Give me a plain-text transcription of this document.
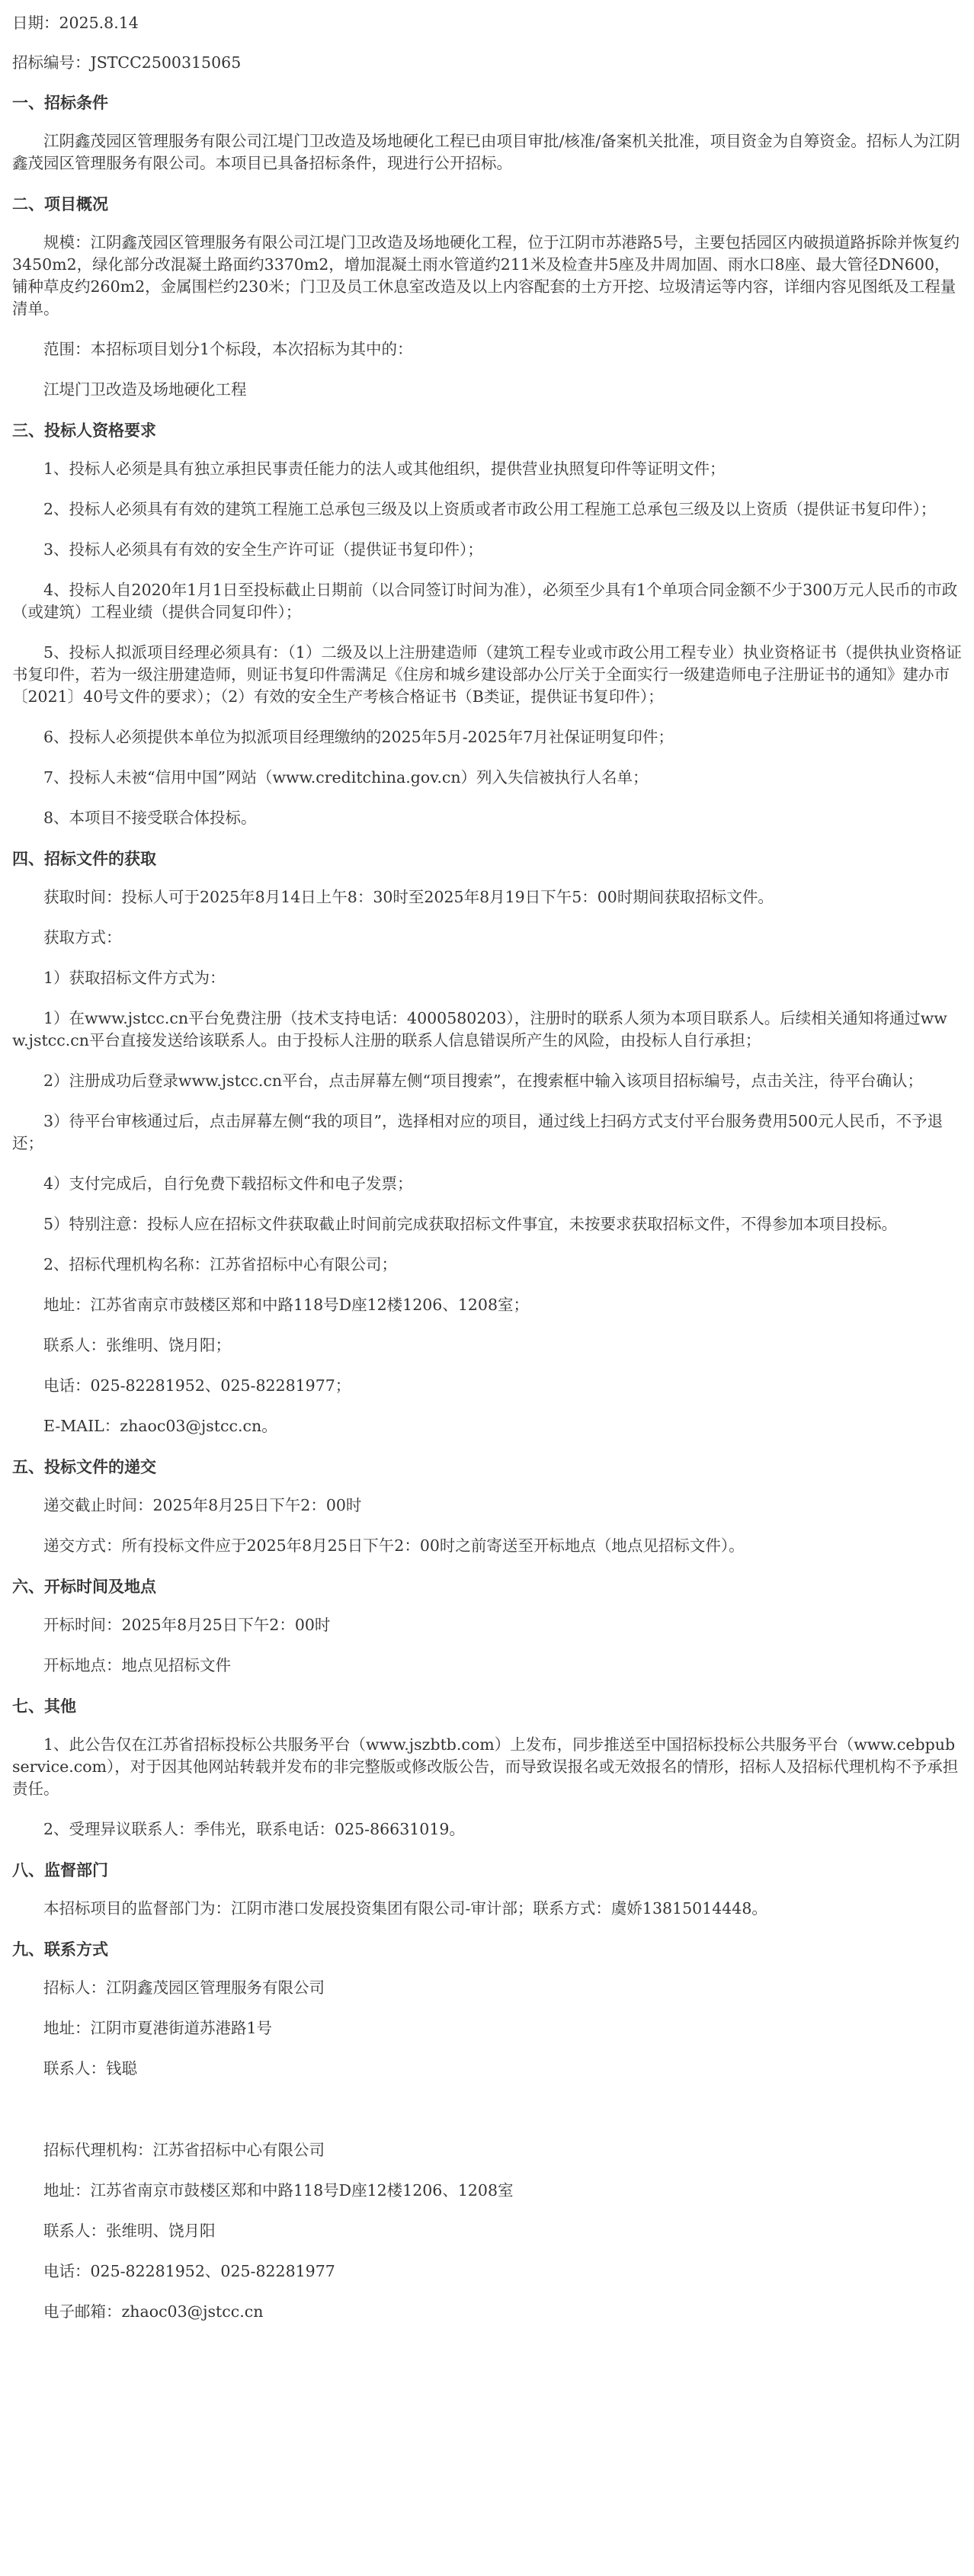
日期：2025.8.14

招标编号：JSTCC2500315065

一、招标条件

　　江阴鑫茂园区管理服务有限公司江堤门卫改造及场地硬化工程已由项目审批/核准/备案机关批准，项目资金为自筹资金。招标人为江阴鑫茂园区管理服务有限公司。本项目已具备招标条件，现进行公开招标。

二、项目概况

　　规模：江阴鑫茂园区管理服务有限公司江堤门卫改造及场地硬化工程，位于江阴市苏港路5号，主要包括园区内破损道路拆除并恢复约3450m2，绿化部分改混凝土路面约3370m2，增加混凝土雨水管道约211米及检查井5座及井周加固、雨水口8座、最大管径DN600，铺种草皮约260m2，金属围栏约230米；门卫及员工休息室改造及以上内容配套的土方开挖、垃圾清运等内容，详细内容见图纸及工程量清单。

　　范围：本招标项目划分1个标段，本次招标为其中的：

　　江堤门卫改造及场地硬化工程

三、投标人资格要求

　　1、投标人必须是具有独立承担民事责任能力的法人或其他组织，提供营业执照复印件等证明文件；

　　2、投标人必须具有有效的建筑工程施工总承包三级及以上资质或者市政公用工程施工总承包三级及以上资质（提供证书复印件）；

　　3、投标人必须具有有效的安全生产许可证（提供证书复印件）；

　　4、投标人自2020年1月1日至投标截止日期前（以合同签订时间为准），必须至少具有1个单项合同金额不少于300万元人民币的市政（或建筑）工程业绩（提供合同复印件）；

　　5、投标人拟派项目经理必须具有：（1）二级及以上注册建造师（建筑工程专业或市政公用工程专业）执业资格证书（提供执业资格证书复印件，若为一级注册建造师，则证书复印件需满足《住房和城乡建设部办公厅关于全面实行一级建造师电子注册证书的通知》建办市〔2021〕40号文件的要求）；（2）有效的安全生产考核合格证书（B类证，提供证书复印件）；

　　6、投标人必须提供本单位为拟派项目经理缴纳的2025年5月-2025年7月社保证明复印件；

　　7、投标人未被“信用中国”网站（www.creditchina.gov.cn）列入失信被执行人名单；

　　8、本项目不接受联合体投标。

四、招标文件的获取

　　获取时间：投标人可于2025年8月14日上午8：30时至2025年8月19日下午5：00时期间获取招标文件。

　　获取方式：

　　1）获取招标文件方式为：

　　1）在www.jstcc.cn平台免费注册（技术支持电话：4000580203），注册时的联系人须为本项目联系人。后续相关通知将通过www.jstcc.cn平台直接发送给该联系人。由于投标人注册的联系人信息错误所产生的风险，由投标人自行承担；

　　2）注册成功后登录www.jstcc.cn平台，点击屏幕左侧“项目搜索”，在搜索框中输入该项目招标编号，点击关注，待平台确认；

　　3）待平台审核通过后，点击屏幕左侧“我的项目”，选择相对应的项目，通过线上扫码方式支付平台服务费用500元人民币，不予退还；

　　4）支付完成后，自行免费下载招标文件和电子发票；

　　5）特别注意：投标人应在招标文件获取截止时间前完成获取招标文件事宜，未按要求获取招标文件，不得参加本项目投标。

　　2、招标代理机构名称：江苏省招标中心有限公司；

　　地址：江苏省南京市鼓楼区郑和中路118号D座12楼1206、1208室；

　　联系人：张维明、饶月阳；

　　电话：025-82281952、025-82281977；

　　E-MAIL：zhaoc03@jstcc.cn。

五、投标文件的递交

　　递交截止时间：2025年8月25日下午2：00时

　　递交方式：所有投标文件应于2025年8月25日下午2：00时之前寄送至开标地点（地点见招标文件）。

六、开标时间及地点

　　开标时间：2025年8月25日下午2：00时

　　开标地点：地点见招标文件

七、其他

　　1、此公告仅在江苏省招标投标公共服务平台（www.jszbtb.com）上发布，同步推送至中国招标投标公共服务平台（www.cebpubservice.com），对于因其他网站转载并发布的非完整版或修改版公告，而导致误报名或无效报名的情形，招标人及招标代理机构不予承担责任。

　　2、受理异议联系人：季伟光，联系电话：025-86631019。

八、监督部门

　　本招标项目的监督部门为：江阴市港口发展投资集团有限公司-审计部；联系方式：虞娇13815014448。

九、联系方式

　　招标人：江阴鑫茂园区管理服务有限公司

　　地址：江阴市夏港街道苏港路1号

　　联系人：钱聪

　　招标代理机构：江苏省招标中心有限公司

　　地址：江苏省南京市鼓楼区郑和中路118号D座12楼1206、1208室

　　联系人：张维明、饶月阳

　　电话：025-82281952、025-82281977

　　电子邮箱：zhaoc03@jstcc.cn
